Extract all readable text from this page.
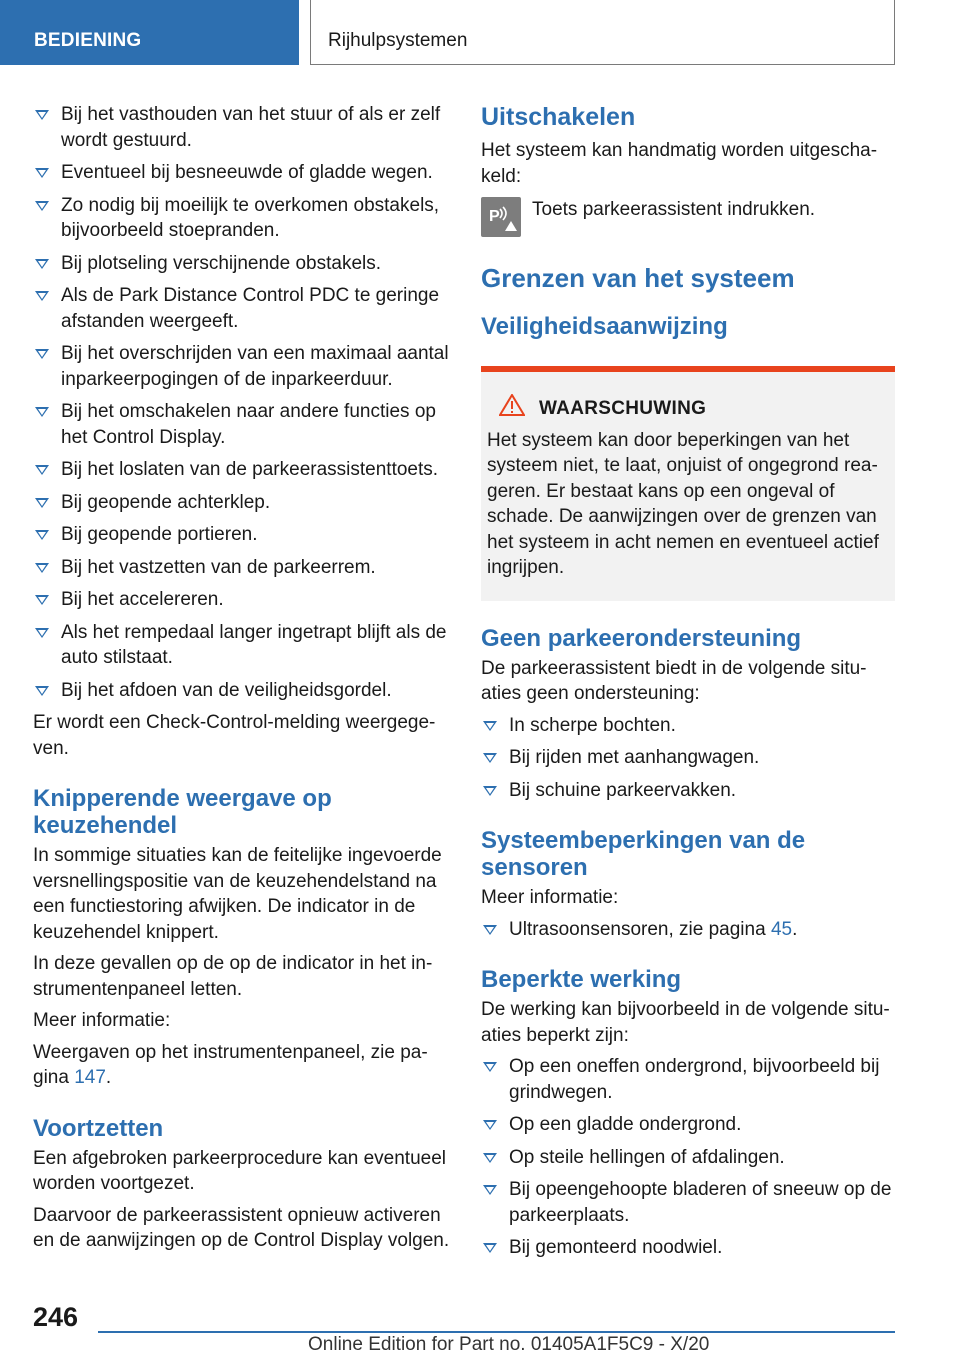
BEDIENING	Rijhulpsystemen
Bij het vasthouden van het stuur of als er zelf wordt gestuurd.
Eventueel bij besneeuwde of gladde wegen.
Zo nodig bij moeilijk te overkomen obstakels, bijvoorbeeld stoepranden.
Bij plotseling verschijnende obstakels.
Als de Park Distance Control PDC te geringe afstanden weergeeft.
Bij het overschrijden van een maximaal aantal inparkeerpogingen of de inparkeerduur.
Bij het omschakelen naar andere functies op het Control Display.
Bij het loslaten van de parkeerassistenttoets.
Bij geopende achterklep.
Bij geopende portieren.
Bij het vastzetten van de parkeerrem.
Bij het accelereren.
Als het rempedaal langer ingetrapt blijft als de auto stilstaat.
Bij het afdoen van de veiligheidsgordel.

Er wordt een Check-Control-melding weergege-ven.

Knipperende weergave op keuzehendel

In sommige situaties kan de feitelijke ingevoerde versnellingspositie van de keuzehendelstand na een functiestoring afwijken. De indicator in de keuzehendel knippert.

In deze gevallen op de op de indicator in het in-strumentenpaneel letten.

Meer informatie:

Weergaven op het instrumentenpaneel, zie pa-gina 147.

Voortzetten

Een afgebroken parkeerprocedure kan eventueel worden voortgezet.

Daarvoor de parkeerassistent opnieuw activeren en de aanwijzingen op de Control Display volgen.

Uitschakelen

Het systeem kan handmatig worden uitgescha-keld:

P Toets parkeerassistent indrukken.
Grenzen van het systeem
Veiligheidsaanwijzing
WAARSCHUWING
Het systeem kan door beperkingen van het systeem niet, te laat, onjuist of ongegrond rea-geren. Er bestaat kans op een ongeval of schade. De aanwijzingen over de grenzen van het systeem in acht nemen en eventueel actief ingrijpen.
Geen parkeerondersteuning

De parkeerassistent biedt in de volgende situ-aties geen ondersteuning:

In scherpe bochten.
Bij rijden met aanhangwagen.
Bij schuine parkeervakken.
Systeembeperkingen van de sensoren

Meer informatie:

Ultrasoonsensoren, zie pagina 45.
Beperkte werking

De werking kan bijvoorbeeld in de volgende situ-aties beperkt zijn:

Op een oneffen ondergrond, bijvoorbeeld bij grindwegen.
Op een gladde ondergrond.
Op steile hellingen of afdalingen.
Bij opeengehoopte bladeren of sneeuw op de parkeerplaats.
Bij gemonteerd noodwiel.
246
Online Edition for Part no. 01405A1F5C9 - X/20
